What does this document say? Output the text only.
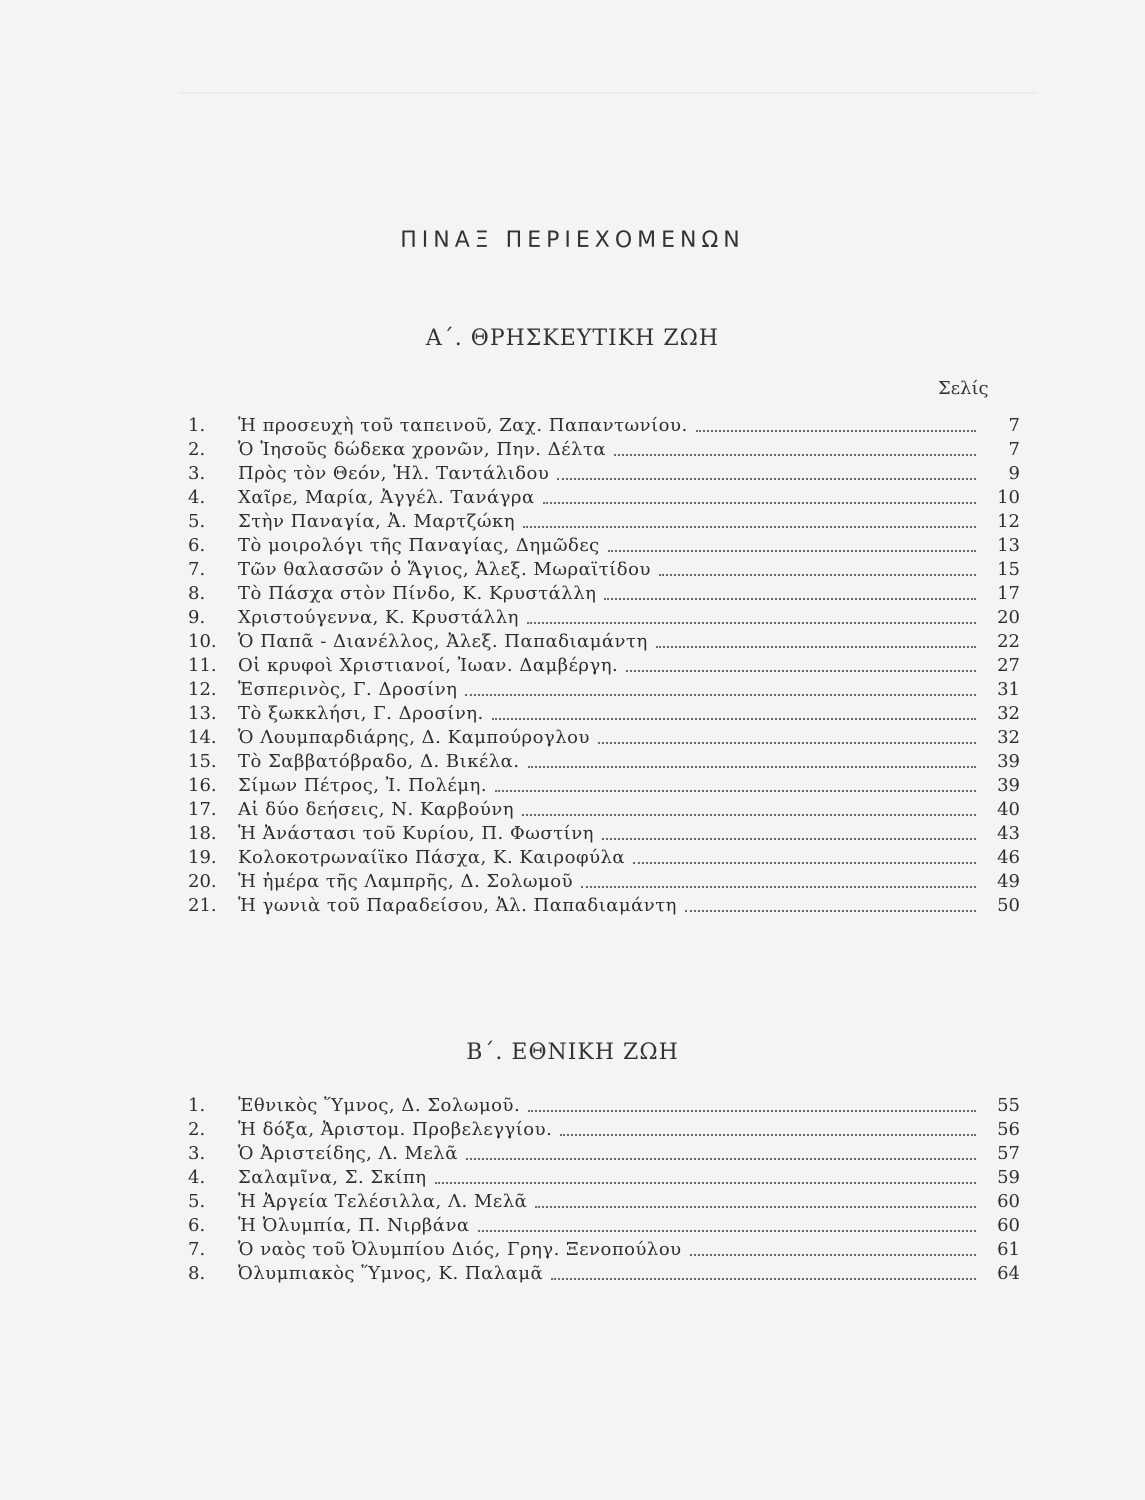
ΠΙΝΑΞ ΠΕΡΙΕΧΟΜΕΝΩΝ
Α΄. ΘΡΗΣΚΕΥΤΙΚΗ ΖΩΗ
Σελίς
1.	Ἡ προσευχὴ τοῦ ταπεινοῦ, Ζαχ. Παπαντωνίου.	7
2.	Ὁ Ἰησοῦς δώδεκα χρονῶν, Πην. Δέλτα	7
3.	Πρὸς τὸν Θεόν, Ἠλ. Ταντάλιδου	9
4.	Χαῖρε, Μαρία, Ἀγγέλ. Τανάγρα	10
5.	Στὴν Παναγία, Ἀ. Μαρτζώκη	12
6.	Τὸ μοιρολόγι τῆς Παναγίας, Δημῶδες	13
7.	Τῶν θαλασσῶν ὁ Ἅγιος, Ἀλεξ. Μωραϊτίδου	15
8.	Τὸ Πάσχα στὸν Πίνδο, Κ. Κρυστάλλη	17
9.	Χριστούγεννα, Κ. Κρυστάλλη	20
10.	Ὁ Παπᾶ - Διανέλλος, Ἀλεξ. Παπαδιαμάντη	22
11.	Οἱ κρυφοὶ Χριστιανοί, Ἰωαν. Δαμβέργη.	27
12.	Ἑσπερινὸς, Γ. Δροσίνη	31
13.	Τὸ ξωκκλήσι, Γ. Δροσίνη.	32
14.	Ὁ Λουμπαρδιάρης, Δ. Καμπούρογλου	32
15.	Τὸ Σαββατόβραδο, Δ. Βικέλα.	39
16.	Σίμων Πέτρος, Ἰ. Πολέμη.	39
17.	Αἱ δύο δεήσεις, Ν. Καρβούνη	40
18.	Ἡ Ἀνάστασι τοῦ Κυρίου, Π. Φωστίνη	43
19.	Κολοκοτρωναίϊκο Πάσχα, Κ. Καιροφύλα	46
20.	Ἡ ἡμέρα τῆς Λαμπρῆς, Δ. Σολωμοῦ	49
21.	Ἡ γωνιὰ τοῦ Παραδείσου, Ἀλ. Παπαδιαμάντη	50
Β΄. ΕΘΝΙΚΗ ΖΩΗ
1.	Ἐθνικὸς Ὕμνος, Δ. Σολωμοῦ.	55
2.	Ἡ δόξα, Ἀριστομ. Προβελεγγίου.	56
3.	Ὁ Ἀριστείδης, Λ. Μελᾶ	57
4.	Σαλαμῖνα, Σ. Σκίπη	59
5.	Ἡ Ἀργεία Τελέσιλλα, Λ. Μελᾶ	60
6.	Ἡ Ὀλυμπία, Π. Νιρβάνα	60
7.	Ὁ ναὸς τοῦ Ὀλυμπίου Διός, Γρηγ. Ξενοπούλου	61
8.	Ὀλυμπιακὸς Ὕμνος, Κ. Παλαμᾶ	64
